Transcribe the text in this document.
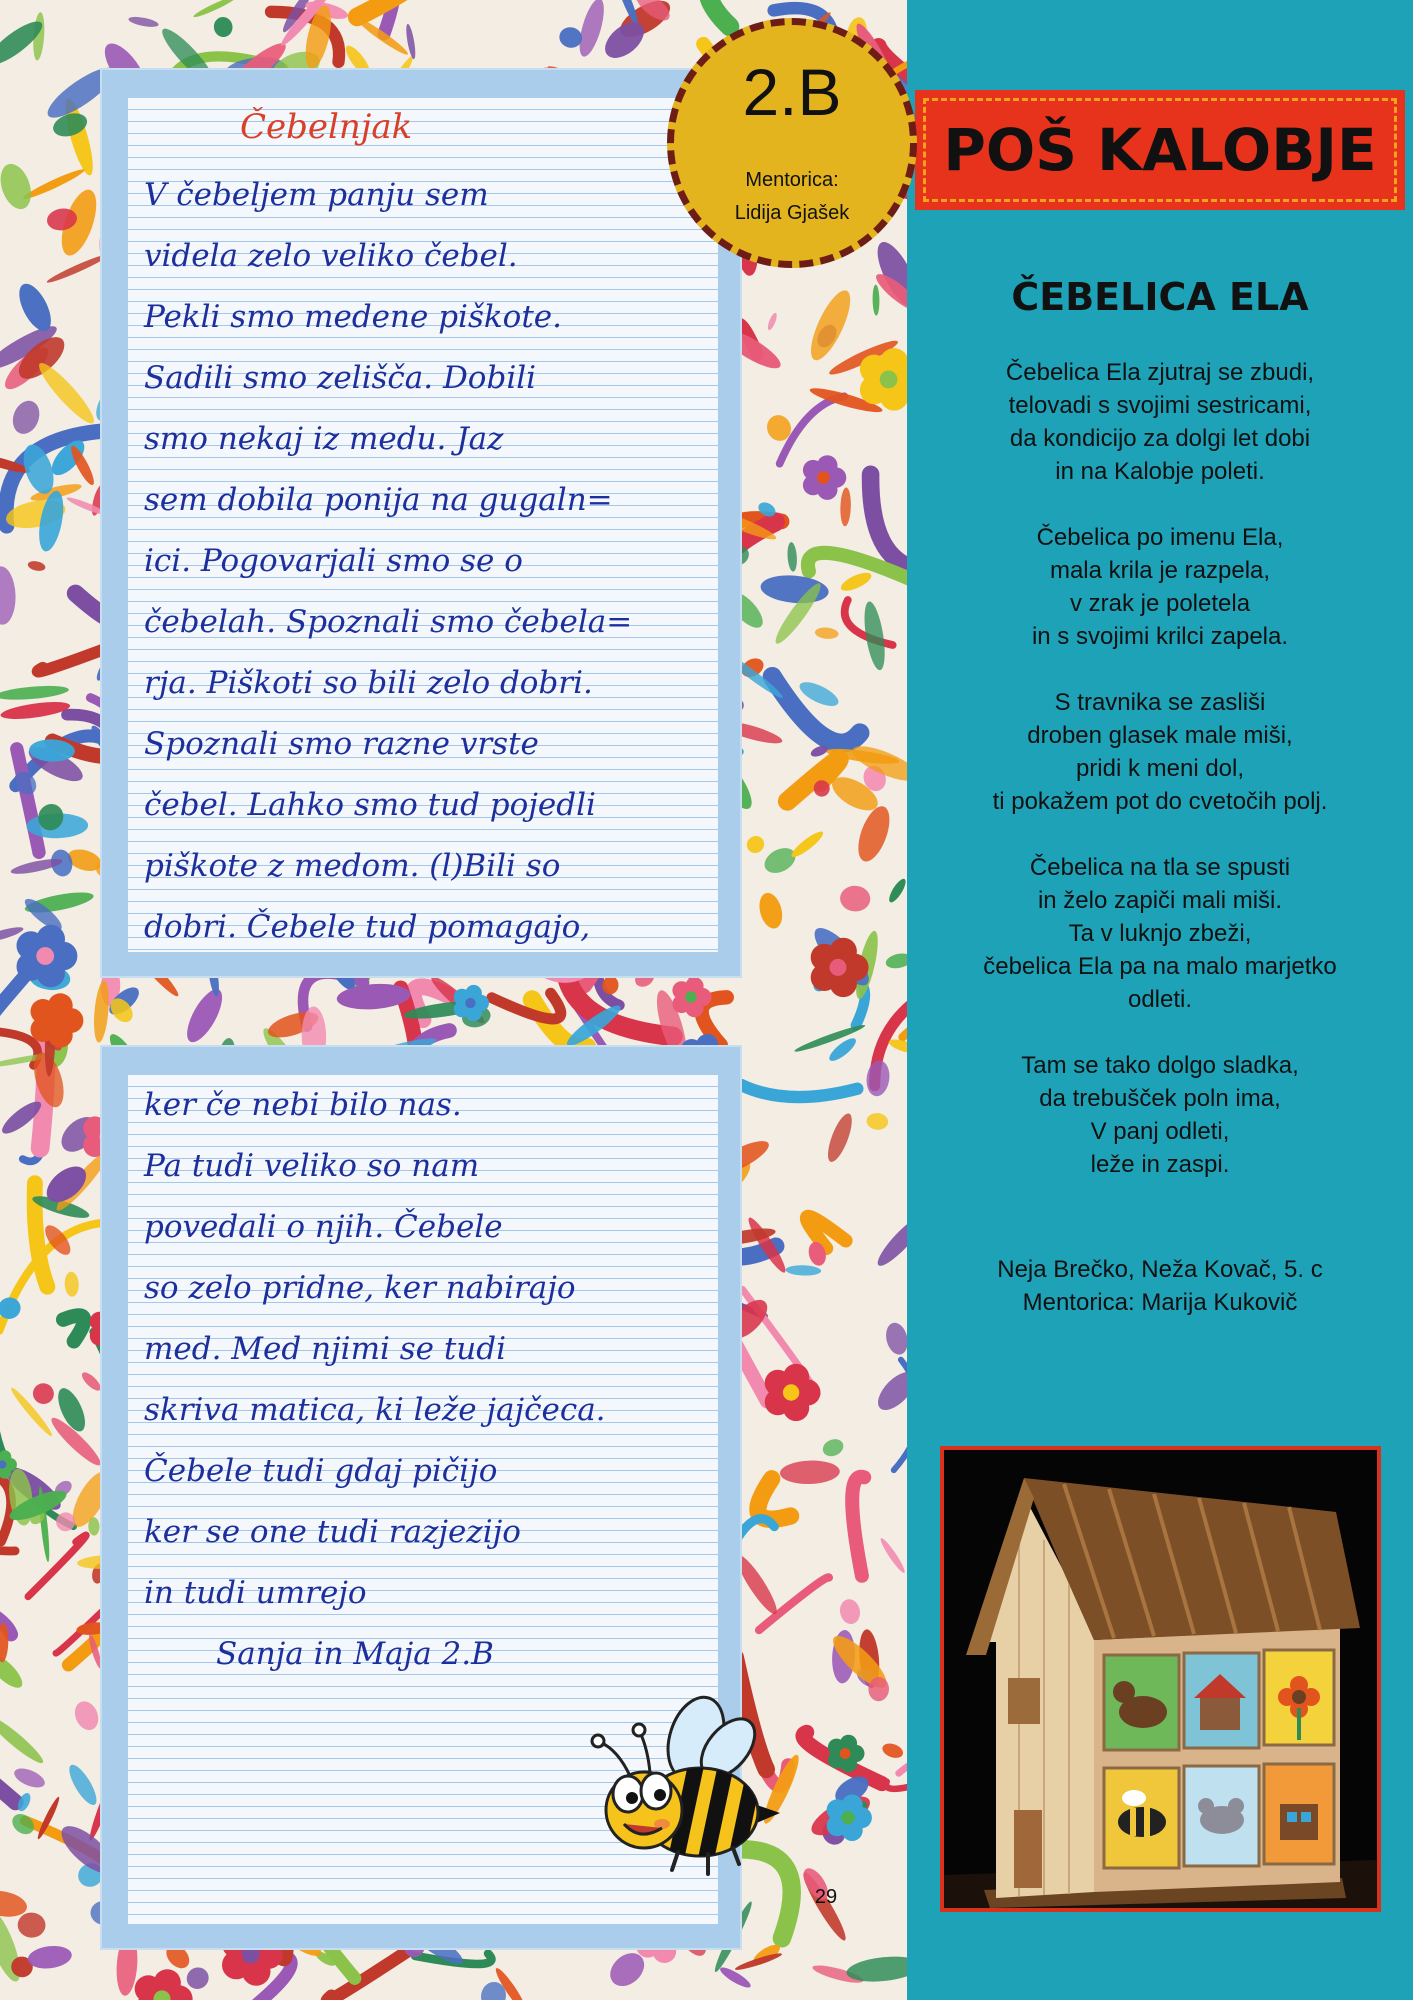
Čebelnjak
V čebeljem panju sem
videla zelo veliko čebel.
Pekli smo medene piškote.
Sadili smo zelišča. Dobili
smo nekaj iz medu. Jaz
sem dobila ponija na gugaln=
ici. Pogovarjali smo se o
čebelah. Spoznali smo čebela=
rja. Piškoti so bili zelo dobri.
Spoznali smo razne vrste
čebel. Lahko smo tud pojedli
piškote z medom. (l)Bili so
dobri. Čebele tud pomagajo,
ker če nebi bilo nas.
Pa tudi veliko so nam
povedali o njih. Čebele
so zelo pridne, ker nabirajo
med. Med njimi se tudi
skriva matica, ki leže jajčeca.
Čebele tudi gdaj pičijo
ker se one tudi razjezijo
in tudi umrejo
Sanja in Maja 2.B
POŠ KALOBJE
2.B
Mentorica:
Lidija Gjašek
ČEBELICA ELA
Čebelica Ela zjutraj se zbudi,
telovadi s svojimi sestricami,
da kondicijo za dolgi let dobi
in na Kalobje poleti.
Čebelica po imenu Ela,
mala krila je razpela,
v zrak je poletela
in s svojimi krilci zapela.
S travnika se zasliši
droben glasek male miši,
pridi k meni dol,
ti pokažem pot do cvetočih polj.
Čebelica na tla se spusti
in želo zapiči mali miši.
Ta v luknjo zbeži,
čebelica Ela pa na malo marjetko
odleti.
Tam se tako dolgo sladka,
da trebušček poln ima,
V panj odleti,
leže in zaspi.
Neja Brečko, Neža Kovač, 5. c
Mentorica: Marija Kukovič
29
